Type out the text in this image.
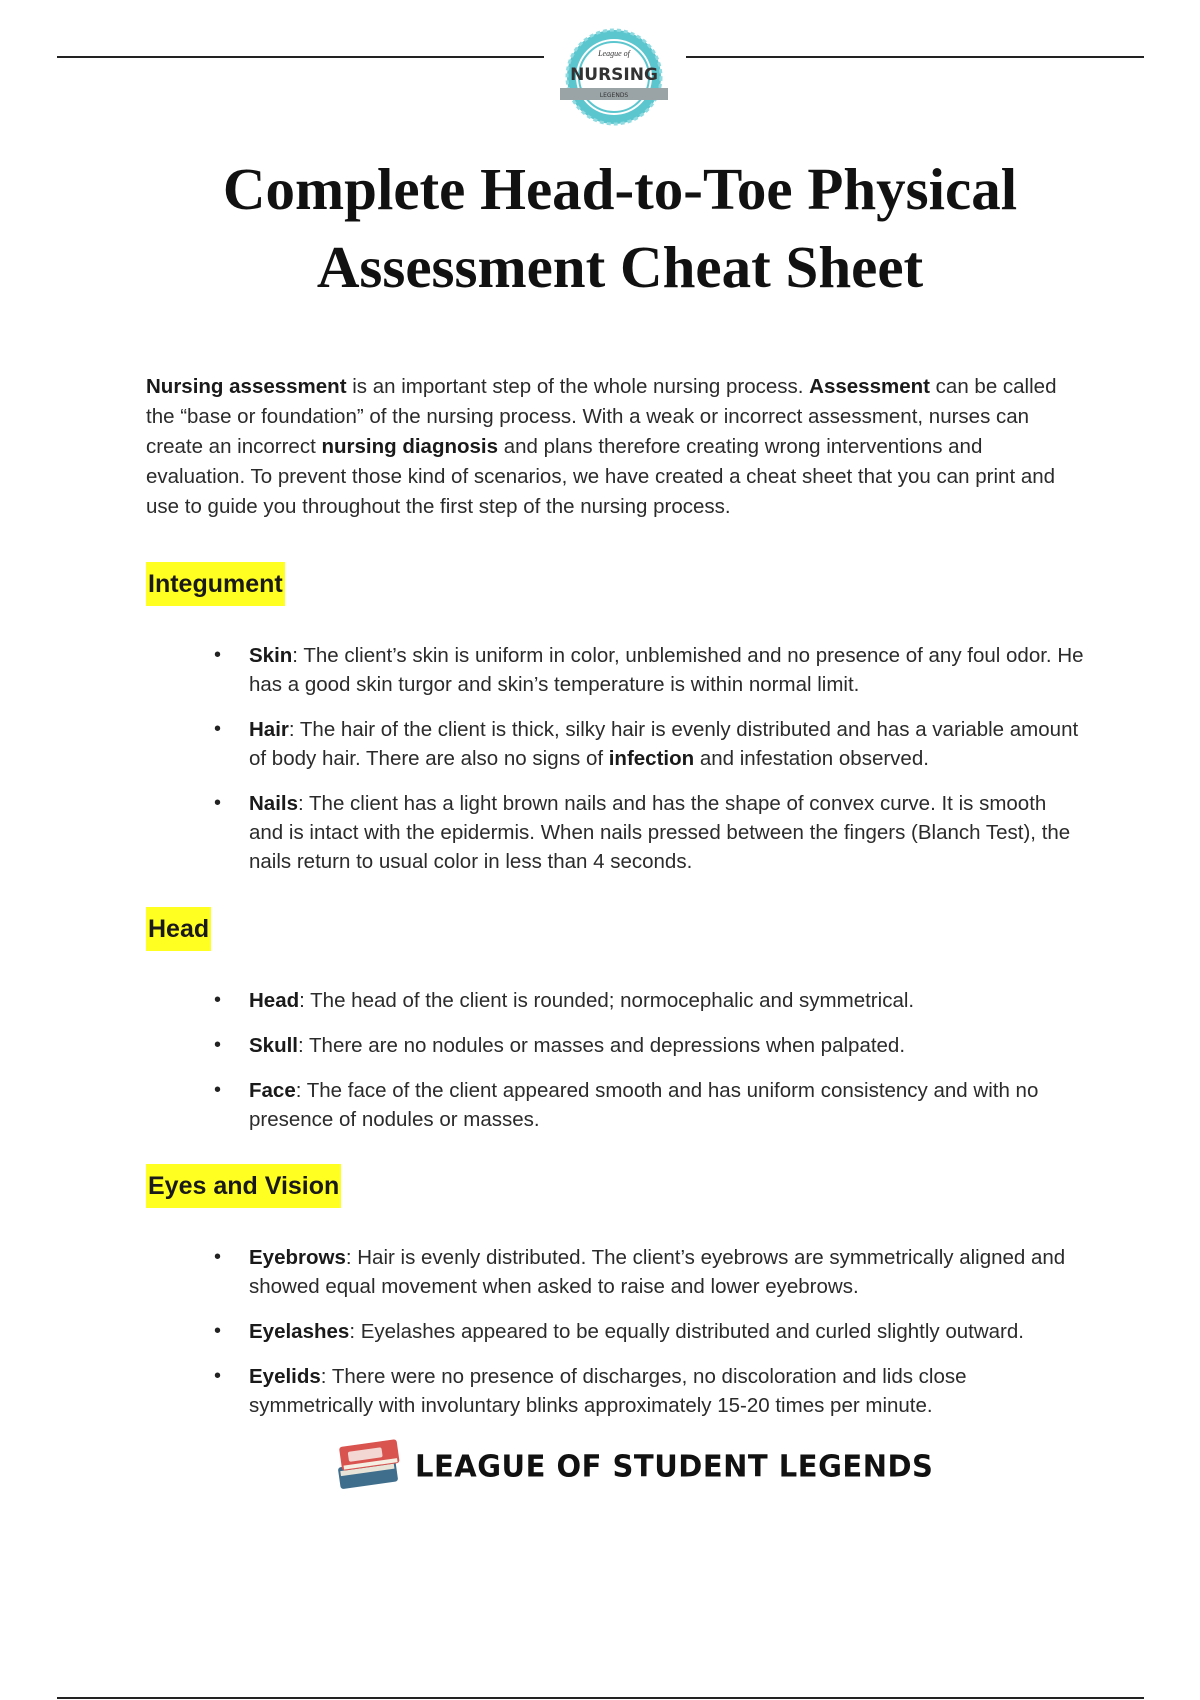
League of
NURSING
LEGENDS
Complete Head-to-Toe Physical
Assessment Cheat Sheet

Nursing assessment is an important step of the whole nursing process. Assessment can be called the “base or foundation” of the nursing process. With a weak or incorrect assessment, nurses can create an incorrect nursing diagnosis and plans therefore creating wrong interventions and evaluation. To prevent those kind of scenarios, we have created a cheat sheet that you can print and use to guide you throughout the first step of the nursing process.

Integument
• Skin: The client’s skin is uniform in color, unblemished and no presence of any foul odor. He has a good skin turgor and skin’s temperature is within normal limit.
• Hair: The hair of the client is thick, silky hair is evenly distributed and has a variable amount of body hair. There are also no signs of infection and infestation observed.
• Nails: The client has a light brown nails and has the shape of convex curve. It is smooth and is intact with the epidermis. When nails pressed between the fingers (Blanch Test), the nails return to usual color in less than 4 seconds.
Head
• Head: The head of the client is rounded; normocephalic and symmetrical.
• Skull: There are no nodules or masses and depressions when palpated.
• Face: The face of the client appeared smooth and has uniform consistency and with no presence of nodules or masses.
Eyes and Vision
• Eyebrows: Hair is evenly distributed. The client’s eyebrows are symmetrically aligned and showed equal movement when asked to raise and lower eyebrows.
• Eyelashes: Eyelashes appeared to be equally distributed and curled slightly outward.
• Eyelids: There were no presence of discharges, no discoloration and lids close symmetrically with involuntary blinks approximately 15-20 times per minute.
LEAGUE OF STUDENT LEGENDS
